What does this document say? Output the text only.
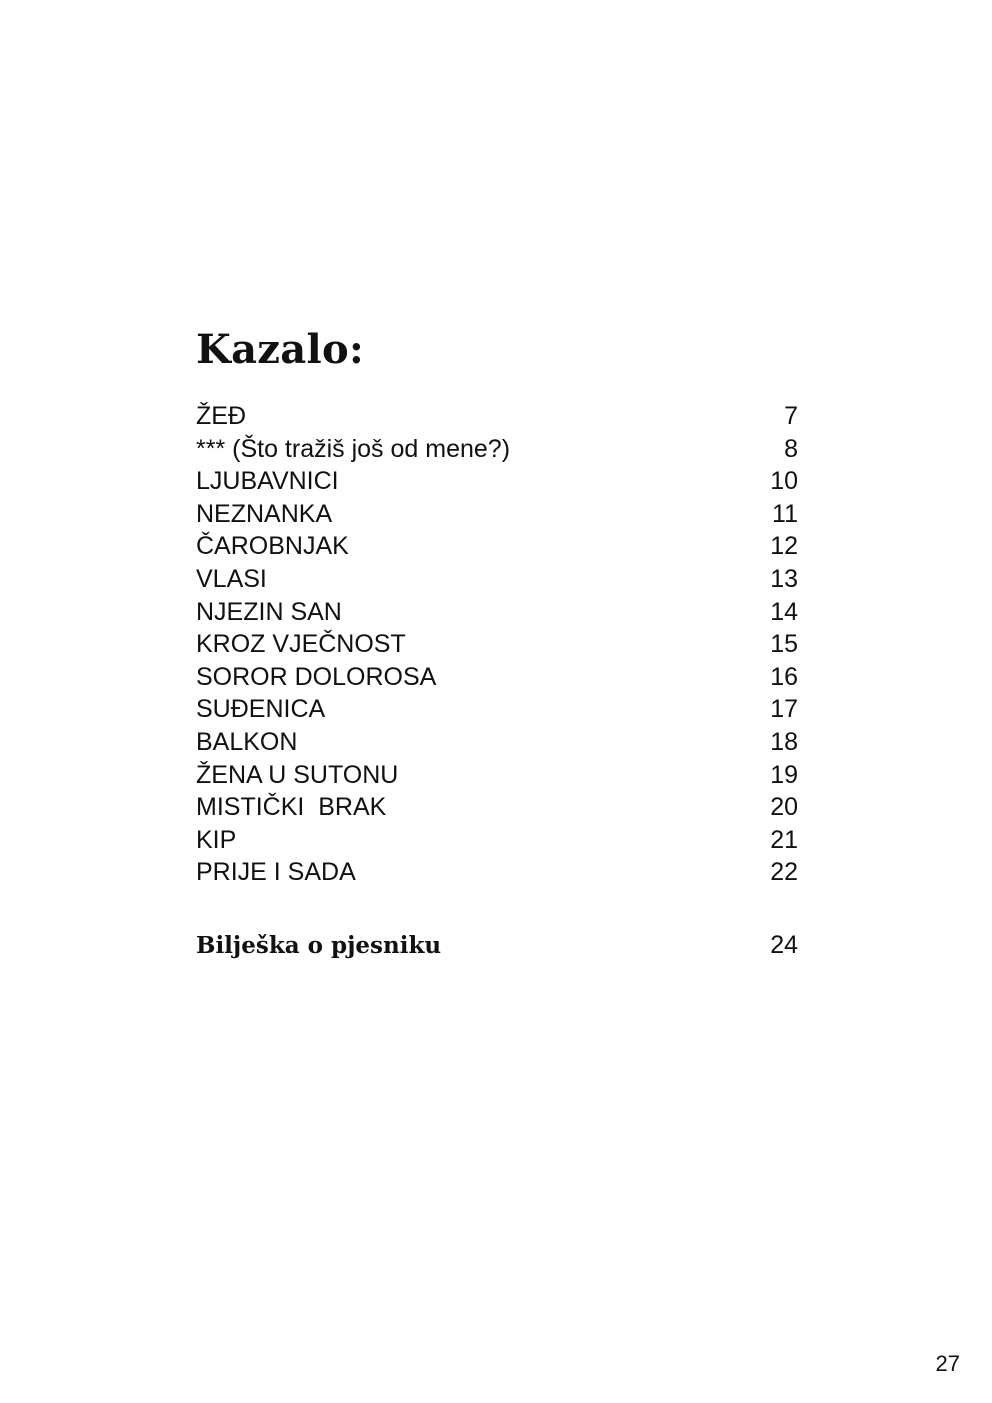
Kazalo:
ŽEĐ	7
*** (Što tražiš još od mene?)	8
LJUBAVNICI	10
NEZNANKA	11
ČAROBNJAK	12
VLASI	13
NJEZIN SAN	14
KROZ VJEČNOST	15
SOROR DOLOROSA	16
SUĐENICA	17
BALKON	18
ŽENA U SUTONU	19
MISTIČKI  BRAK	20
KIP	21
PRIJE I SADA	22
Bilješka o pjesniku	24
27
